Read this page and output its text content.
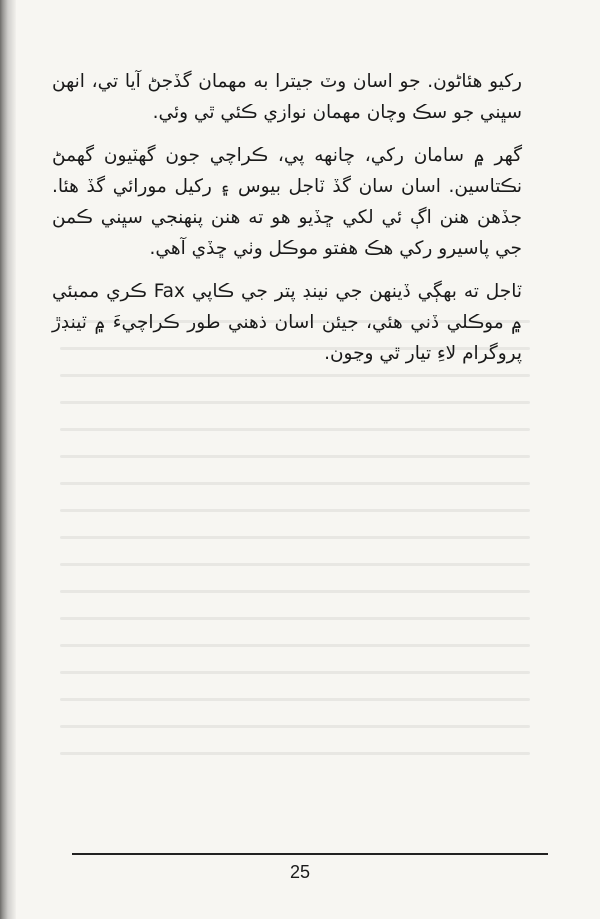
رکيو هئاڻون. جو اسان وٽ جيترا به مهمان گڏجڻ آيا تي، انهن سڀني جو سڪ وچان مهمان نوازي ڪئي ٿي وئي.

گهر ۾ سامان رکي، چانهه پي، ڪراچي جون گهٽيون گهمڻ نڪتاسين. اسان سان گڏ ٽاجل بيوس ۽ رکيل مورائي گڏ هئا. جڏهن هنن اڳ ئي لکي ڇڏيو هو ته هنن پنهنجي سڀني ڪمن جي پاسيرو رکي هڪ هفتو موڪل وٺي ڇڏي آهي.

ٽاجل ته بهڳي ڏينهن جي نينڊ پتر جي ڪاپي Fax ڪري ممبئي ۾ موڪلي ڏني هئي، جيئن اسان ذهني طور ڪراچيءَ ۾ ٽينڊڙ پروگرام لاءِ تيار ٿي وڃون.

25
